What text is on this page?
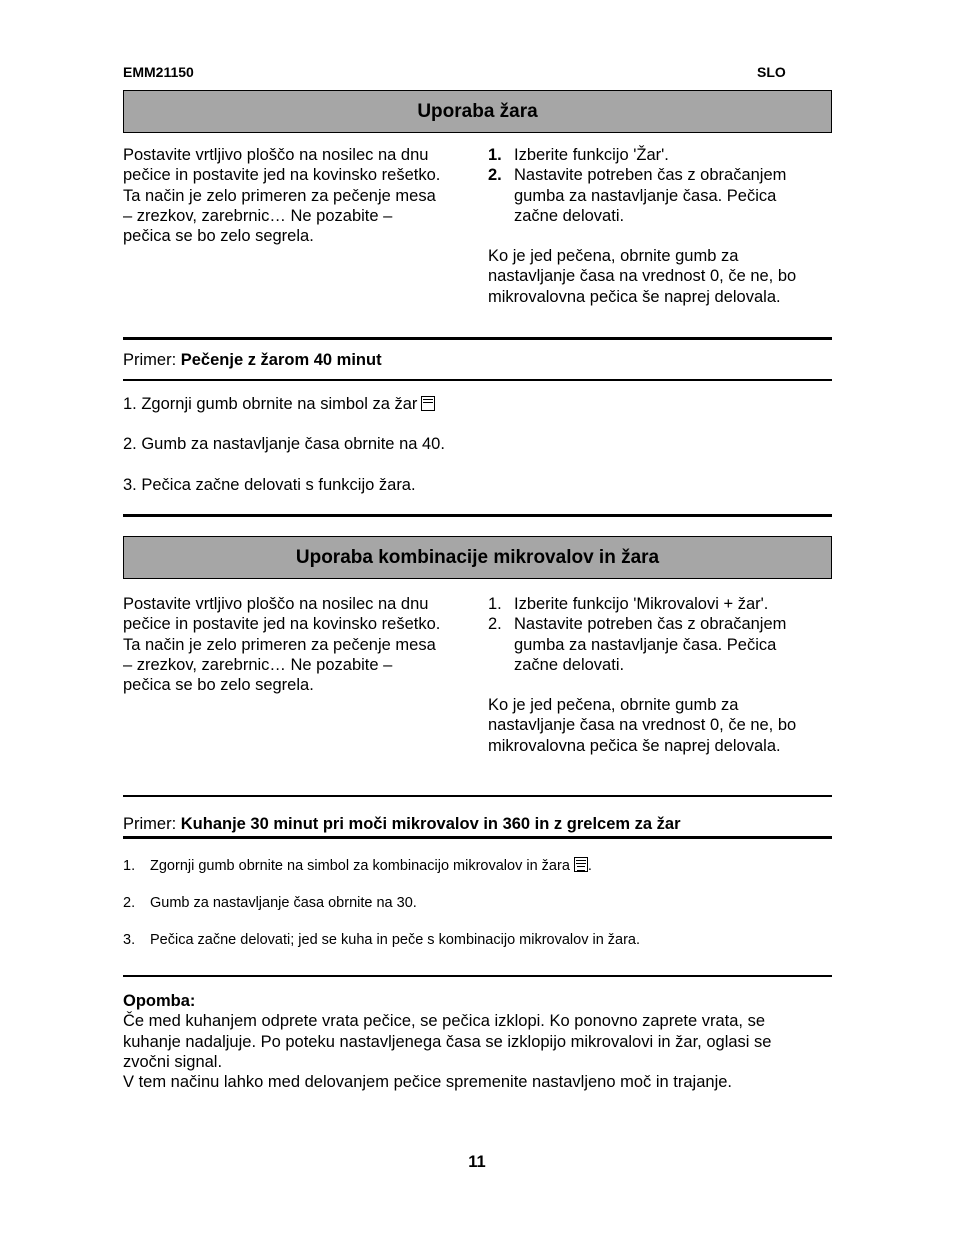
EMM21150	SLO
Uporaba žara
Postavite vrtljivo ploščo na nosilec na dnu
pečice in postavite jed na kovinsko rešetko.
Ta način je zelo primeren za pečenje mesa
– zrezkov, zarebrnic… Ne pozabite –
pečica se bo zelo segrela.
1. Izberite funkcijo 'Žar'.
2. Nastavite potreben čas z obračanjem gumba za nastavljanje časa. Pečica začne delovati.
Ko je jed pečena, obrnite gumb za nastavljanje časa na vrednost 0, če ne, bo mikrovalovna pečica še naprej delovala.
Primer: Pečenje z žarom 40 minut
1. Zgornji gumb obrnite na simbol za žar
2. Gumb za nastavljanje časa obrnite na 40.
3. Pečica začne delovati s funkcijo žara.
Uporaba kombinacije mikrovalov in žara
Postavite vrtljivo ploščo na nosilec na dnu
pečice in postavite jed na kovinsko rešetko.
Ta način je zelo primeren za pečenje mesa
– zrezkov, zarebrnic… Ne pozabite –
pečica se bo zelo segrela.
1. Izberite funkcijo 'Mikrovalovi + žar'.
2. Nastavite potreben čas z obračanjem gumba za nastavljanje časa. Pečica začne delovati.
Ko je jed pečena, obrnite gumb za nastavljanje časa na vrednost 0, če ne, bo mikrovalovna pečica še naprej delovala.
Primer: Kuhanje 30 minut pri moči mikrovalov in 360 in z grelcem za žar
1. Zgornji gumb obrnite na simbol za kombinacijo mikrovalov in žara .
2. Gumb za nastavljanje časa obrnite na 30.
3. Pečica začne delovati; jed se kuha in peče s kombinacijo mikrovalov in žara.
Opomba:
Če med kuhanjem odprete vrata pečice, se pečica izklopi. Ko ponovno zaprete vrata, se
kuhanje nadaljuje. Po poteku nastavljenega časa se izklopijo mikrovalovi in žar, oglasi se
zvočni signal.
V tem načinu lahko med delovanjem pečice spremenite nastavljeno moč in trajanje.
11
